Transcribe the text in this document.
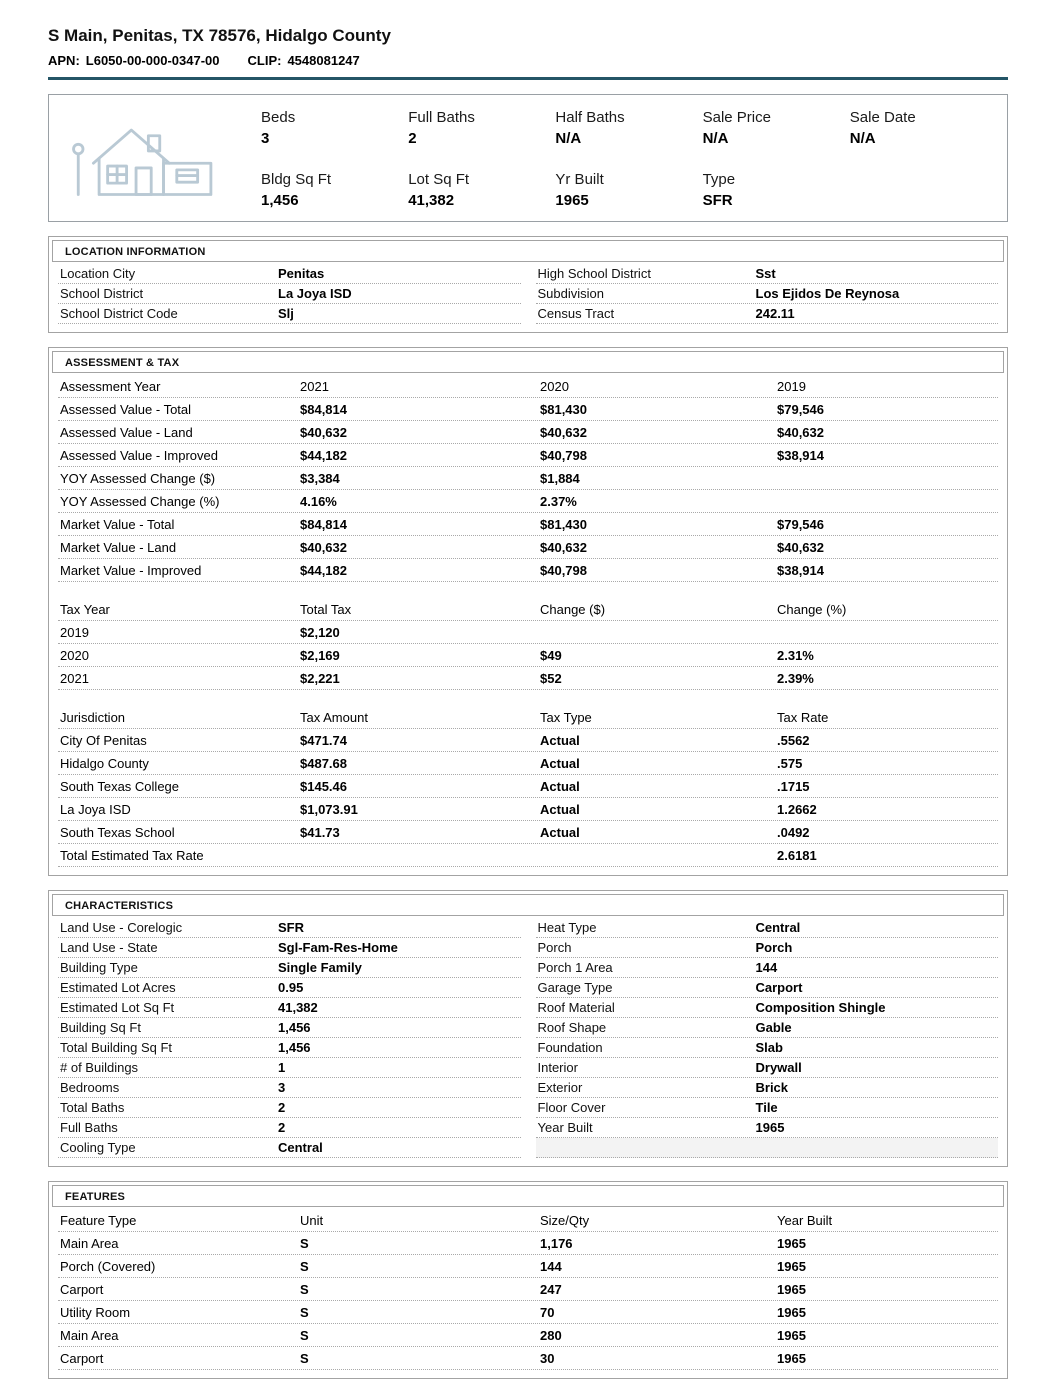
S Main, Penitas, TX 78576, Hidalgo County
APN: L6050-00-000-0347-00 CLIP: 4548081247
Beds
3
Full Baths
2
Half Baths
N/A
Sale Price
N/A
Sale Date
N/A
Bldg Sq Ft
1,456
Lot Sq Ft
41,382
Yr Built
1965
Type
SFR
LOCATION INFORMATION
Location City	Penitas
School District	La Joya ISD
School District Code	Slj
High School District	Sst
Subdivision	Los Ejidos De Reynosa
Census Tract	242.11
ASSESSMENT & TAX
Assessment Year	2021	2020	2019
Assessed Value - Total	$84,814	$81,430	$79,546
Assessed Value - Land	$40,632	$40,632	$40,632
Assessed Value - Improved	$44,182	$40,798	$38,914
YOY Assessed Change ($)	$3,384	$1,884
YOY Assessed Change (%)	4.16%	2.37%
Market Value - Total	$84,814	$81,430	$79,546
Market Value - Land	$40,632	$40,632	$40,632
Market Value - Improved	$44,182	$40,798	$38,914
Tax Year	Total Tax	Change ($)	Change (%)
2019	$2,120
2020	$2,169	$49	2.31%
2021	$2,221	$52	2.39%
Jurisdiction	Tax Amount	Tax Type	Tax Rate
City Of Penitas	$471.74	Actual	.5562
Hidalgo County	$487.68	Actual	.575
South Texas College	$145.46	Actual	.1715
La Joya ISD	$1,073.91	Actual	1.2662
South Texas School	$41.73	Actual	.0492
Total Estimated Tax Rate	2.6181
CHARACTERISTICS
Land Use - Corelogic	SFR
Land Use - State	Sgl-Fam-Res-Home
Building Type	Single Family
Estimated Lot Acres	0.95
Estimated Lot Sq Ft	41,382
Building Sq Ft	1,456
Total Building Sq Ft	1,456
# of Buildings	1
Bedrooms	3
Total Baths	2
Full Baths	2
Cooling Type	Central
Heat Type	Central
Porch	Porch
Porch 1 Area	144
Garage Type	Carport
Roof Material	Composition Shingle
Roof Shape	Gable
Foundation	Slab
Interior	Drywall
Exterior	Brick
Floor Cover	Tile
Year Built	1965
FEATURES
Feature Type	Unit	Size/Qty	Year Built
Main Area	S	1,176	1965
Porch (Covered)	S	144	1965
Carport	S	247	1965
Utility Room	S	70	1965
Main Area	S	280	1965
Carport	S	30	1965
